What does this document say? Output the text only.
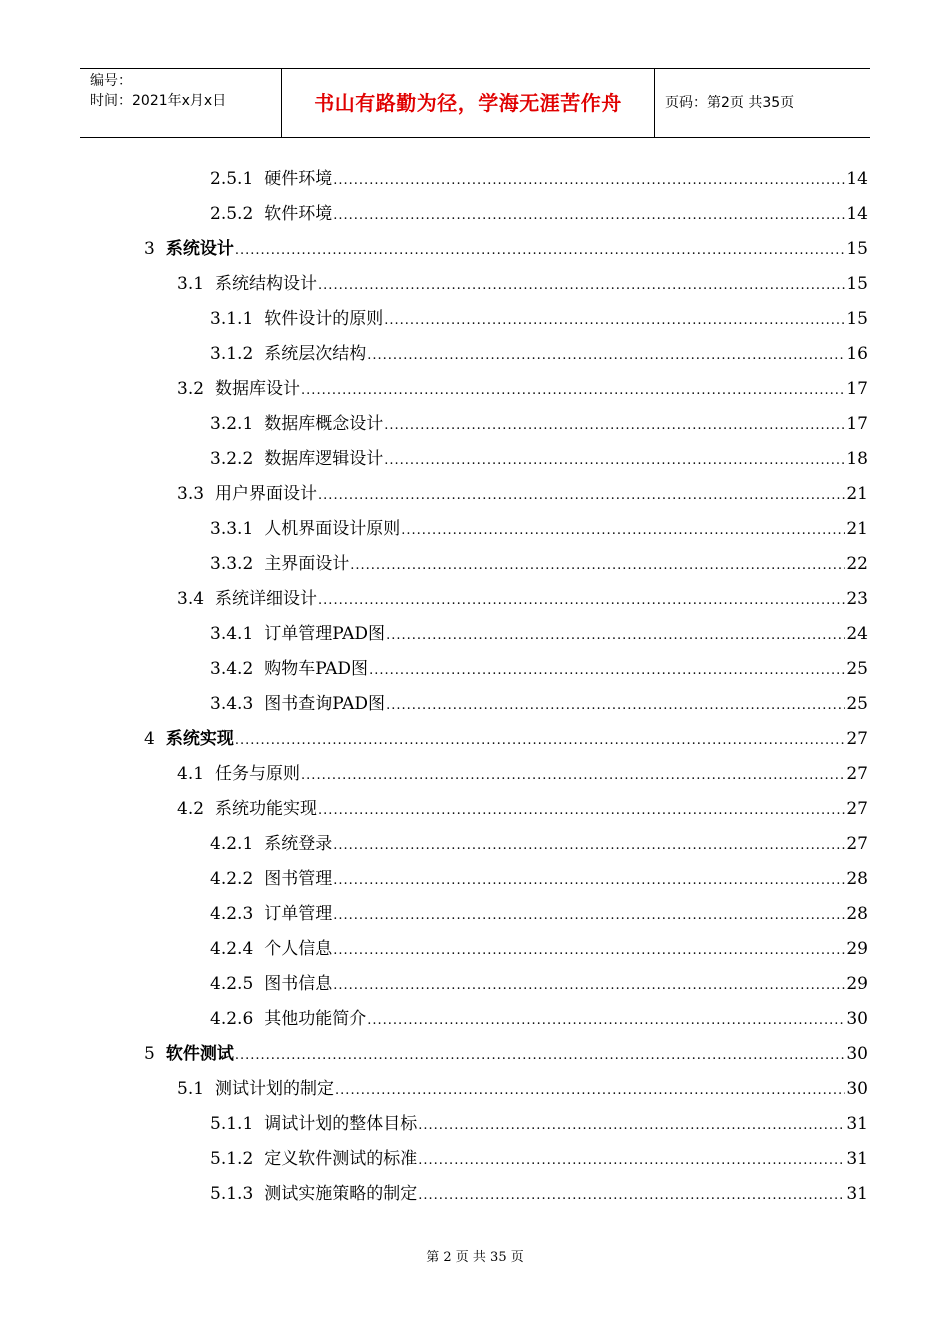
编号：
时间：2021年x月x日	书山有路勤为径，学海无涯苦作舟	页码：第2页 共35页
2.5.1 硬件环境 .....	14
2.5.2 软件环境 .....	14
3 系统设计 .....	15
3.1 系统结构设计 .....	15
3.1.1 软件设计的原则 .....	15
3.1.2 系统层次结构 .....	16
3.2 数据库设计 .....	17
3.2.1 数据库概念设计 .....	17
3.2.2 数据库逻辑设计 .....	18
3.3 用户界面设计 .....	21
3.3.1 人机界面设计原则 .....	21
3.3.2 主界面设计 .....	22
3.4 系统详细设计 .....	23
3.4.1 订单管理PAD图 .....	24
3.4.2 购物车PAD图 .....	25
3.4.3 图书查询PAD图 .....	25
4 系统实现 .....	27
4.1 任务与原则 .....	27
4.2 系统功能实现 .....	27
4.2.1 系统登录 .....	27
4.2.2 图书管理 .....	28
4.2.3 订单管理 .....	28
4.2.4 个人信息 .....	29
4.2.5 图书信息 .....	29
4.2.6 其他功能简介 .....	30
5 软件测试 .....	30
5.1 测试计划的制定 .....	30
5.1.1 调试计划的整体目标 .....	31
5.1.2 定义软件测试的标准 .....	31
5.1.3 测试实施策略的制定 .....	31
第 2 页 共 35 页
